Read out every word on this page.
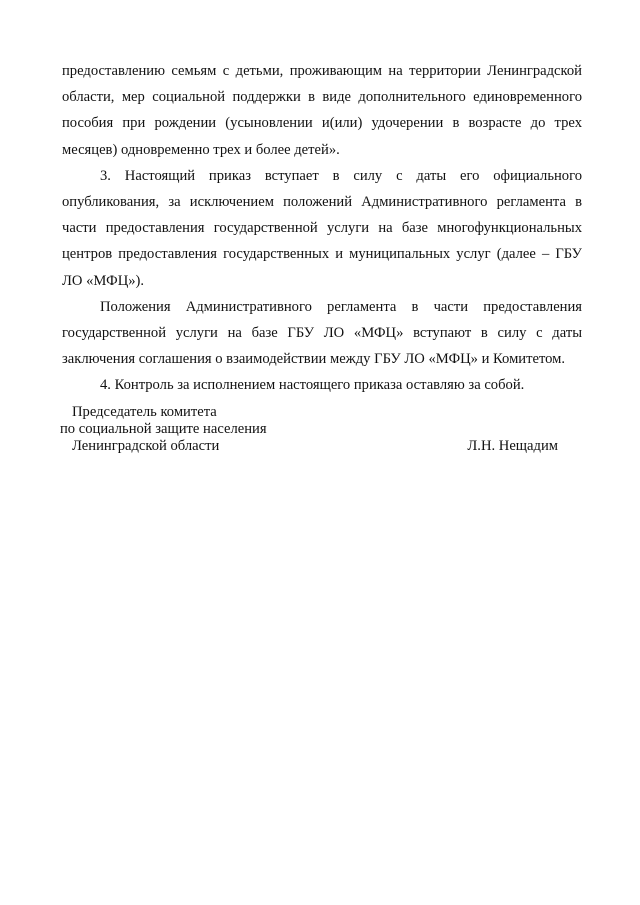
предоставлению семьям с детьми, проживающим на территории Ленинградской области, мер социальной поддержки в виде дополнительного единовременного пособия при рождении (усыновлении и(или) удочерении в возрасте до трех месяцев) одновременно трех и более детей».

3. Настоящий приказ вступает в силу с даты его официального опубликования, за исключением положений Административного регламента в части предоставления государственной услуги на базе многофункциональных центров предоставления государственных и муниципальных услуг (далее – ГБУ ЛО «МФЦ»).

Положения Административного регламента в части предоставления государственной услуги на базе ГБУ ЛО «МФЦ» вступают в силу с даты заключения соглашения о взаимодействии между ГБУ ЛО «МФЦ» и Комитетом.

4. Контроль за исполнением настоящего приказа оставляю за собой.

Председатель комитета
по социальной защите населения
Ленинградской области	Л.Н. Нещадим
